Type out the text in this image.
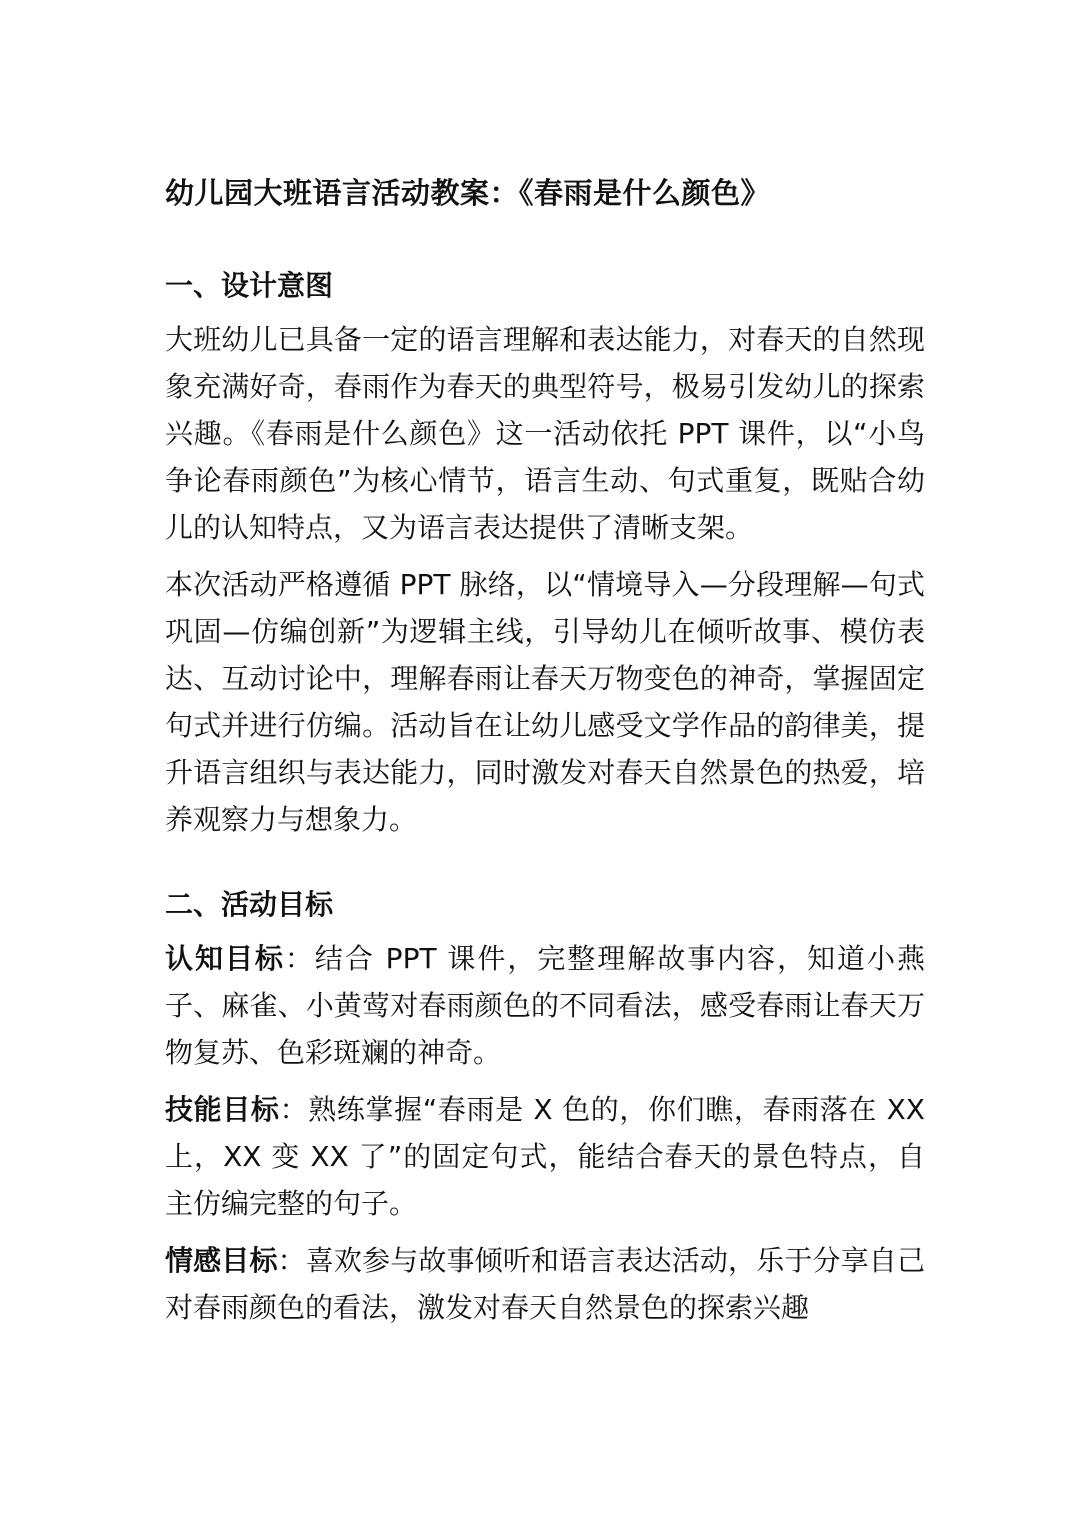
幼儿园大班语言活动教案：《春雨是什么颜色》
一、设计意图

大班幼儿已具备一定的语言理解和表达能力，对春天的自然现象充满好奇，春雨作为春天的典型符号，极易引发幼儿的探索兴趣。《春雨是什么颜色》这一活动依托 PPT 课件，以“小鸟争论春雨颜色”为核心情节，语言生动、句式重复，既贴合幼儿的认知特点，又为语言表达提供了清晰支架。

本次活动严格遵循 PPT 脉络，以“情境导入—分段理解—句式巩固—仿编创新”为逻辑主线，引导幼儿在倾听故事、模仿表达、互动讨论中，理解春雨让春天万物变色的神奇，掌握固定句式并进行仿编。活动旨在让幼儿感受文学作品的韵律美，提升语言组织与表达能力，同时激发对春天自然景色的热爱，培养观察力与想象力。

二、活动目标

认知目标：结合 PPT 课件，完整理解故事内容，知道小燕子、麻雀、小黄莺对春雨颜色的不同看法，感受春雨让春天万物复苏、色彩斑斓的神奇。

技能目标：熟练掌握“春雨是 X 色的，你们瞧，春雨落在 XX 上，XX 变 XX 了”的固定句式，能结合春天的景色特点，自主仿编完整的句子。

情感目标：喜欢参与故事倾听和语言表达活动，乐于分享自己对春雨颜色的看法，激发对春天自然景色的探索兴趣
